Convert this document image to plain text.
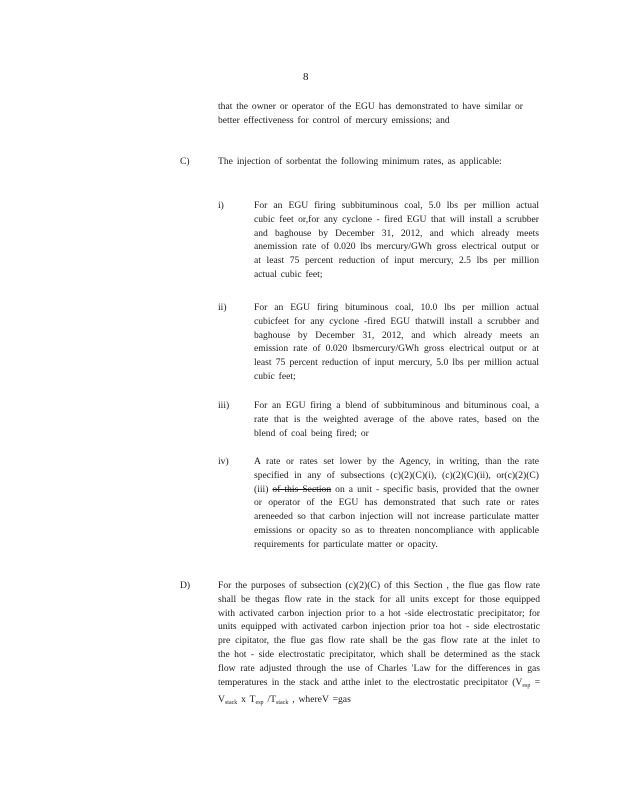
8
that the owner or operator of the EGU has demonstrated to have similar or better effectiveness for control of mercury emissions; and
C)	The injection of sorbentat the following minimum rates, as applicable:
i)	For an EGU firing subbituminous coal, 5.0 lbs per million actual cubic feet or,for any cyclone - fired EGU that will install a scrubber and baghouse by December 31, 2012, and which already meets anemission rate of 0.020 lbs mercury/GWh gross electrical output or at least 75 percent reduction of input mercury, 2.5 lbs per million actual cubic feet;
ii)	For an EGU firing bituminous coal, 10.0 lbs per million actual cubicfeet for any cyclone -fired EGU thatwill install a scrubber and baghouse by December 31, 2012, and which already meets an emission rate of 0.020 lbsmercury/GWh gross electrical output or at least 75 percent reduction of input mercury, 5.0 lbs per million actual cubic feet;
iii)	For an EGU firing a blend of subbituminous and bituminous coal, a rate that is the weighted average of the above rates, based on the blend of coal being fired; or
iv)	A rate or rates set lower by the Agency, in writing, than the rate specified in any of subsections (c)(2)(C)(i), (c)(2)(C)(ii), or(c)(2)(C)(iii) of this Section on a unit - specific basis, provided that the owner or operator of the EGU has demonstrated that such rate or rates areneeded so that carbon injection will not increase particulate matter emissions or opacity so as to threaten noncompliance with applicable requirements for particulate matter or opacity.
D)	For the purposes of subsection (c)(2)(C) of this Section , the flue gas flow rate shall be thegas flow rate in the stack for all units except for those equipped with activated carbon injection prior to a hot -side electrostatic precipitator; for units equipped with activated carbon injection prior toa hot - side electrostatic pre cipitator, the flue gas flow rate shall be the gas flow rate at the inlet to the hot - side electrostatic precipitator, which shall be determined as the stack flow rate adjusted through the use of Charles 'Law for the differences in gas temperatures in the stack and atthe inlet to the electrostatic precipitator ($V_{esp} = V_{stack}$ x $T_{esp}$ $/T_{stack}$ , whereV =gas
